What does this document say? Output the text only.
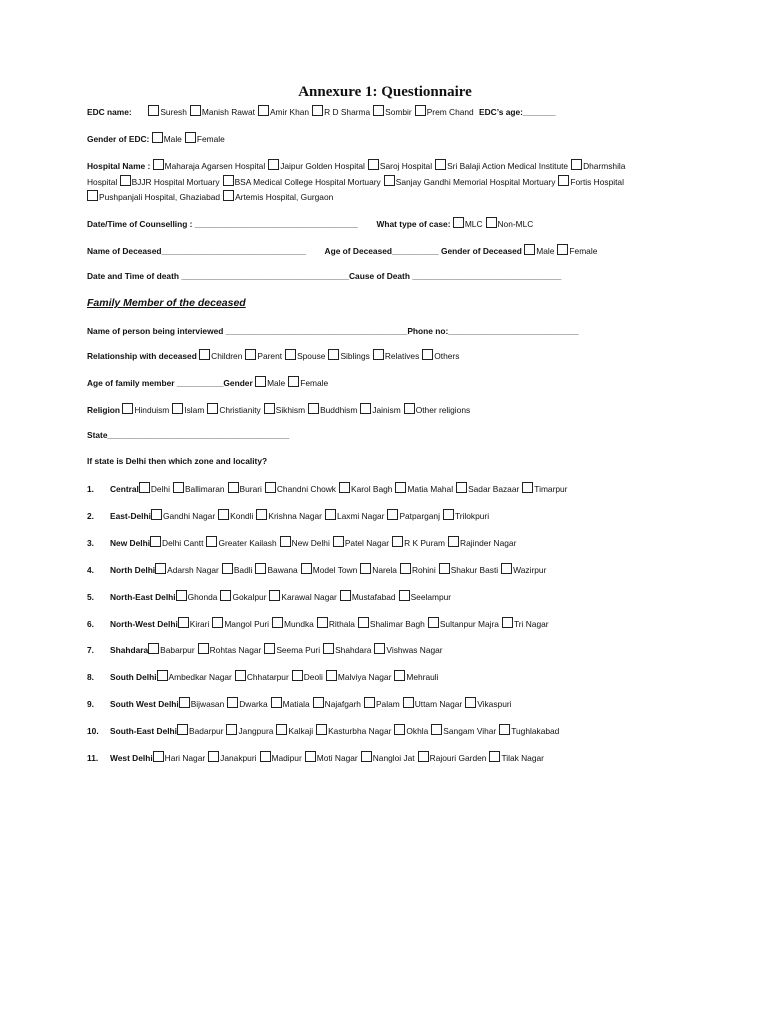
Annexure 1: Questionnaire
EDC name:	Suresh Manish Rawat Amir Khan R D Sharma Sombir Prem Chand EDC’s age:_______
Gender of EDC: Male Female
Hospital Name : Maharaja Agarsen Hospital Jaipur Golden Hospital Saroj Hospital Sri Balaji Action Medical Institute Dharmshila
Hospital BJJR Hospital Mortuary BSA Medical College Hospital Mortuary Sanjay Gandhi Memorial Hospital Mortuary Fortis Hospital
Pushpanjali Hospital, Ghaziabad Artemis Hospital, Gurgaon
Date/Time of Counselling : ___________________________________ What type of case: MLC Non-MLC
Name of Deceased_______________________________ Age of Deceased__________ Gender of Deceased Male Female
Date and Time of death ____________________________________Cause of Death ________________________________
Family Member of the deceased
Name of person being interviewed _______________________________________Phone no:____________________________
Relationship with deceased Children Parent Spouse Siblings Relatives Others
Age of family member __________Gender Male Female
Religion Hinduism Islam Christianity Sikhism Buddhism Jainism Other religions
State_______________________________________
If state is Delhi then which zone and locality?
1. CentralDelhi Ballimaran Burari Chandni Chowk Karol Bagh Matia Mahal Sadar Bazaar Timarpur
2. East-DelhiGandhi Nagar Kondli Krishna Nagar Laxmi Nagar Patparganj Trilokpuri
3. New DelhiDelhi Cantt Greater Kailash New Delhi Patel Nagar R K Puram Rajinder Nagar
4. North DelhiAdarsh Nagar Badli Bawana Model Town Narela Rohini Shakur Basti Wazirpur
5. North-East DelhiGhonda Gokalpur Karawal Nagar Mustafabad Seelampur
6. North-West DelhiKirari Mangol Puri Mundka Rithala Shalimar Bagh Sultanpur Majra Tri Nagar
7. ShahdaraBabarpur Rohtas Nagar Seema Puri Shahdara Vishwas Nagar
8. South DelhiAmbedkar Nagar Chhatarpur Deoli Malviya Nagar Mehrauli
9. South West DelhiBijwasan Dwarka Matiala Najafgarh Palam Uttam Nagar Vikaspuri
10. South-East DelhiBadarpur Jangpura Kalkaji Kasturbha Nagar Okhla Sangam Vihar Tughlakabad
11. West DelhiHari Nagar Janakpuri Madipur Moti Nagar Nangloi Jat Rajouri Garden Tilak Nagar
